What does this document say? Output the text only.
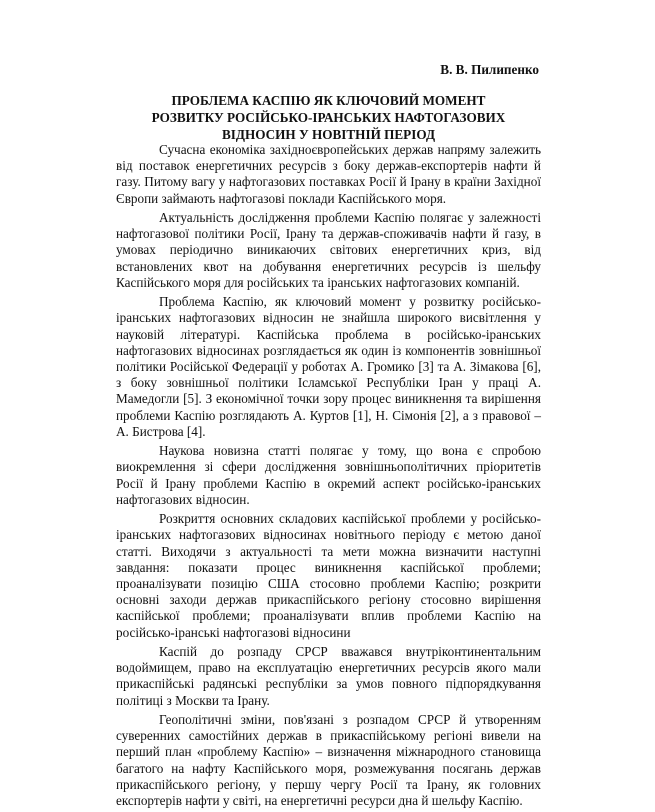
В. В. Пилипенко
ПРОБЛЕМА КАСПІЮ ЯК КЛЮЧОВИЙ МОМЕНТ
РОЗВИТКУ РОСІЙСЬКО-ІРАНСЬКИХ НАФТОГАЗОВИХ
ВІДНОСИН У НОВІТНІЙ ПЕРІОД

Сучасна економіка західноєвропейських держав напряму залежить від поставок енергетичних ресурсів з боку держав-експортерів нафти й газу. Питому вагу у нафтогазових поставках Росії й Ірану в країни Західної Європи займають нафтогазові поклади Каспійського моря.

Актуальність дослідження проблеми Каспію полягає у залежності нафтогазової політики Росії, Ірану та держав-споживачів нафти й газу, в умовах періодично виникаючих світових енергетичних криз, від встановлених квот на добування енергетичних ресурсів із шельфу Каспійського моря для російських та іранських нафтогазових компаній.

Проблема Каспію, як ключовий момент у розвитку російсько-іранських нафтогазових відносин не знайшла широкого висвітлення у науковій літературі. Каспійська проблема в російсько-іранських нафтогазових відносинах розглядається як один із компонентів зовнішньої політики Російської Федерації у роботах А. Громико [3] та А. Зімакова [6], з боку зовнішньої політики Ісламської Республіки Іран у праці А. Мамедогли [5]. З економічної точки зору процес виникнення та вирішення проблеми Каспію розглядають А. Куртов [1], Н. Сімонія [2], а з правової – А. Бистрова [4].

Наукова новизна статті полягає у тому, що вона є спробою виокремлення зі сфери дослідження зовнішньополітичних пріоритетів Росії й Ірану проблеми Каспію в окремий аспект російсько-іранських нафтогазових відносин.

Розкриття основних складових каспійської проблеми у російсько-іранських нафтогазових відносинах новітнього періоду є метою даної статті. Виходячи з актуальності та мети можна визначити наступні завдання: показати процес виникнення каспійської проблеми; проаналізувати позицію США стосовно проблеми Каспію; розкрити основні заходи держав прикаспійського регіону стосовно вирішення каспійської проблеми; проаналізувати вплив проблеми Каспію на російсько-іранські нафтогазові відносини

Каспій до розпаду СРСР вважався внутріконтинентальним водоймищем, право на експлуатацію енергетичних ресурсів якого мали прикаспійські радянські республіки за умов повного підпорядкування політиці з Москви та Ірану.

Геополітичні зміни, пов'язані з розпадом СРСР й утворенням суверенних самостійних держав в прикаспійському регіоні вивели на перший план «проблему Каспію» – визначення міжнародного становища багатого на нафту Каспійського моря, розмежування посягань держав прикаспійського регіону, у першу чергу Росії та Ірану, як головних експортерів нафти у світі, на енергетичні ресурси дна й шельфу Каспію.
